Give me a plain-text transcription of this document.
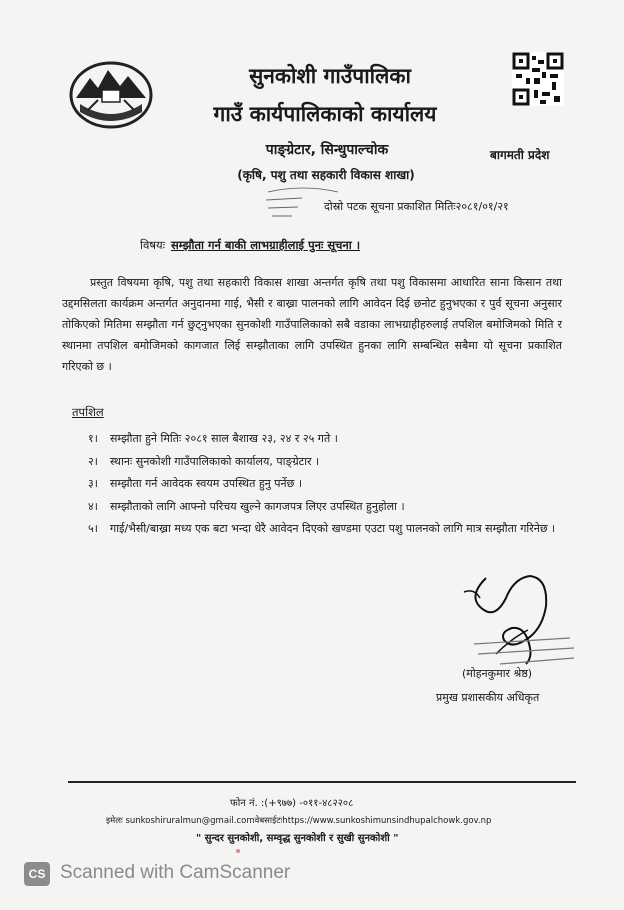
सुनकोशी गाउँपालिका
गाउँ कार्यपालिकाको कार्यालय
पाङ्ग्रेटार, सिन्धुपाल्चोक
(कृषि, पशु तथा सहकारी विकास शाखा)
बागमती प्रदेश
दोस्रो पटक सूचना प्रकाशित मितिः२०८१/०१/२१
विषयः सम्झौता गर्न बाकी लाभग्राहीलाई पुनः सूचना ।
प्रस्तुत विषयमा कृषि, पशु तथा सहकारी विकास शाखा अन्तर्गत कृषि तथा पशु विकासमा आधारित साना किसान तथा उद्दमसिलता कार्यक्रम अन्तर्गत अनुदानमा गाई, भैसी र बाख्रा पालनको लागि आवेदन दिई छनोट हुनुभएका र पुर्व सूचना अनुसार तोकिएको मितिमा सम्झौता गर्न छुट्नुभएका सुनकोशी गाउँपालिकाको सबै वडाका लाभग्राहीहरुलाई तपशिल बमोजिमको मिति र स्थानमा तपशिल बमोजिमको कागजात लिई सम्झौताका लागि उपस्थित हुनका लागि सम्बन्धित सबैमा यो सूचना प्रकाशित गरिएको छ ।
तपशिल
१।	सम्झौता हुने मितिः २०८१ साल बैशाख २३, २४ र २५ गते ।
२।	स्थानः सुनकोशी गाउँपालिकाको कार्यालय, पाङ्ग्रेटार ।
३।	सम्झौता गर्न आवेदक स्वयम उपस्थित हुनु पर्नेछ ।
४।	सम्झौताको लागि आफ्नो परिचय खुल्ने कागजपत्र लिएर उपस्थित हुनुहोला ।
५।	गाई/भैसी/बाख्रा मध्य एक बटा भन्दा धेरै आवेदन दिएको खण्डमा एउटा पशु पालनको लागि मात्र सम्झौता गरिनेछ ।
(मोहनकुमार श्रेष्ठ)
प्रमुख प्रशासकीय अधिकृत
फोन नं. :(+९७७) -०११-४८२२०८
इमेलः sunkoshiruralmun@gmail.comवेबसाईटःhttps://www.sunkoshimunsindhupalchowk.gov.np
" सुन्दर सुनकोशी, सम्वृद्ध सुनकोशी र सुखी सुनकोशी "
CS Scanned with CamScanner
